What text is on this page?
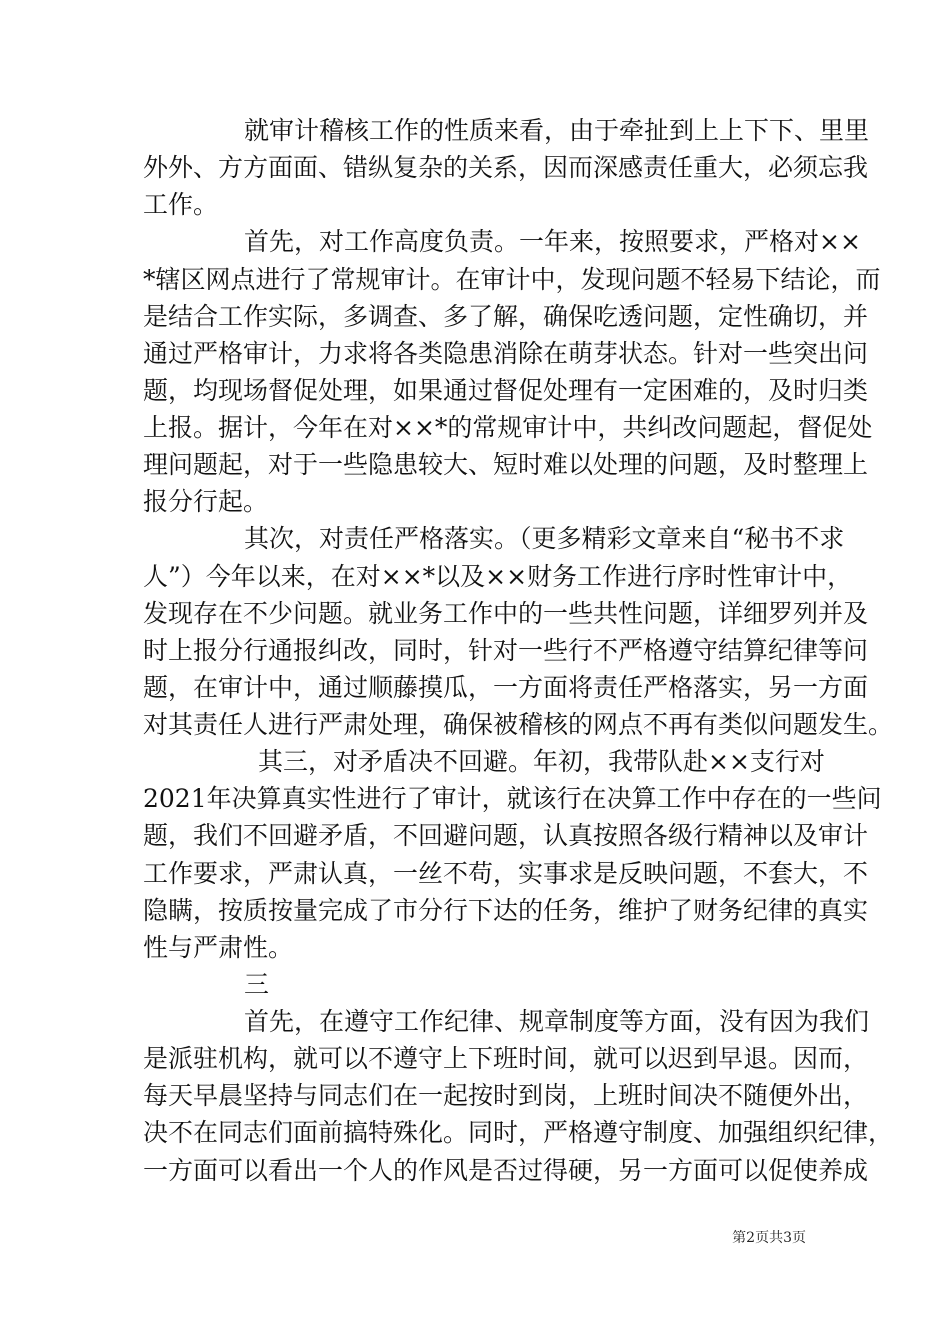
就审计稽核工作的性质来看，由于牵扯到上上下下、里里
外外、方方面面、错纵复杂的关系，因而深感责任重大，必须忘我
工作。
首先，对工作高度负责。一年来，按照要求，严格对××
*辖区网点进行了常规审计。在审计中，发现问题不轻易下结论，而
是结合工作实际，多调查、多了解，确保吃透问题，定性确切，并
通过严格审计，力求将各类隐患消除在萌芽状态。针对一些突出问
题，均现场督促处理，如果通过督促处理有一定困难的，及时归类
上报。据计，今年在对××*的常规审计中，共纠改问题起，督促处
理问题起，对于一些隐患较大、短时难以处理的问题，及时整理上
报分行起。
其次，对责任严格落实。（更多精彩文章来自“秘书不求
人”）今年以来，在对××*以及××财务工作进行序时性审计中，
发现存在不少问题。就业务工作中的一些共性问题，详细罗列并及
时上报分行通报纠改，同时，针对一些行不严格遵守结算纪律等问
题，在审计中，通过顺藤摸瓜，一方面将责任严格落实，另一方面
对其责任人进行严肃处理，确保被稽核的网点不再有类似问题发生。
其三，对矛盾决不回避。年初，我带队赴××支行对
2021年决算真实性进行了审计，就该行在决算工作中存在的一些问
题，我们不回避矛盾，不回避问题，认真按照各级行精神以及审计
工作要求，严肃认真，一丝不苟，实事求是反映问题，不套大，不
隐瞒，按质按量完成了市分行下达的任务，维护了财务纪律的真实
性与严肃性。
三
首先，在遵守工作纪律、规章制度等方面，没有因为我们
是派驻机构，就可以不遵守上下班时间，就可以迟到早退。因而，
每天早晨坚持与同志们在一起按时到岗，上班时间决不随便外出，
决不在同志们面前搞特殊化。同时，严格遵守制度、加强组织纪律，
一方面可以看出一个人的作风是否过得硬，另一方面可以促使养成
第2页共3页
